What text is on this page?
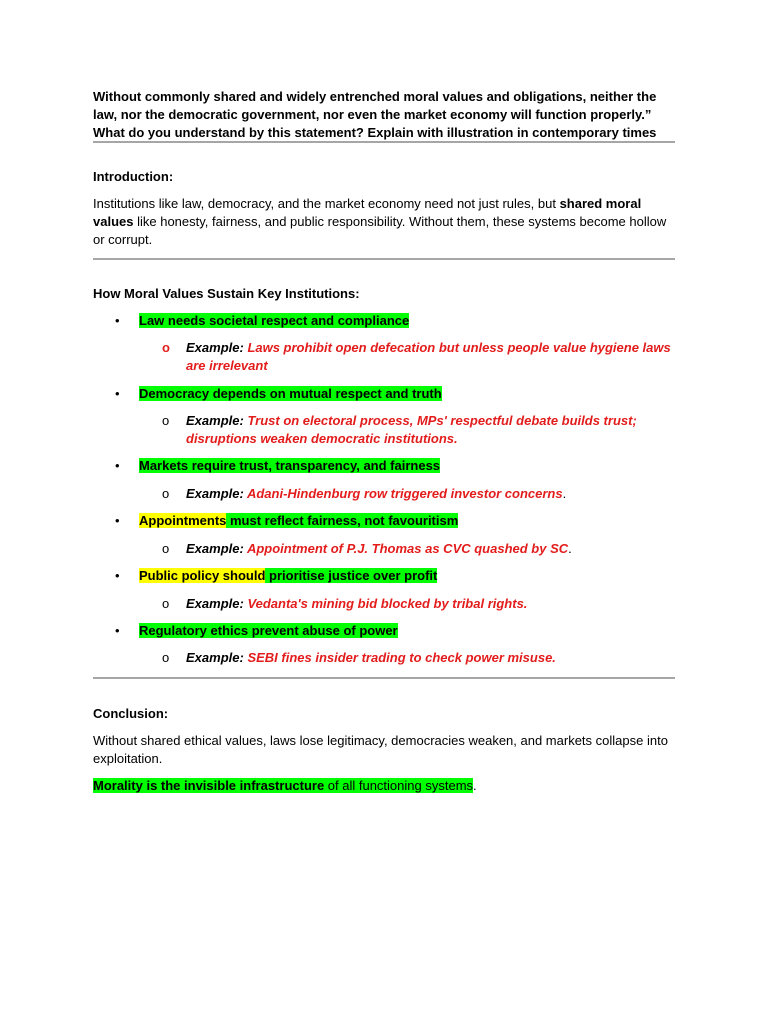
Without commonly shared and widely entrenched moral values and obligations, neither the law, nor the democratic government, nor even the market economy will function properly.” What do you understand by this statement? Explain with illustration in contemporary times
Introduction:
Institutions like law, democracy, and the market economy need not just rules, but shared moral values like honesty, fairness, and public responsibility. Without them, these systems become hollow or corrupt.
How Moral Values Sustain Key Institutions:
• Law needs societal respect and compliance
o Example: Laws prohibit open defecation but unless people value hygiene laws are irrelevant
• Democracy depends on mutual respect and truth
o Example: Trust on electoral process, MPs' respectful debate builds trust; disruptions weaken democratic institutions.
• Markets require trust, transparency, and fairness
o Example: Adani-Hindenburg row triggered investor concerns.
• Appointments must reflect fairness, not favouritism
o Example: Appointment of P.J. Thomas as CVC quashed by SC.
• Public policy should prioritise justice over profit
o Example: Vedanta's mining bid blocked by tribal rights.
• Regulatory ethics prevent abuse of power
o Example: SEBI fines insider trading to check power misuse.
Conclusion:
Without shared ethical values, laws lose legitimacy, democracies weaken, and markets collapse into exploitation.
Morality is the invisible infrastructure of all functioning systems.
